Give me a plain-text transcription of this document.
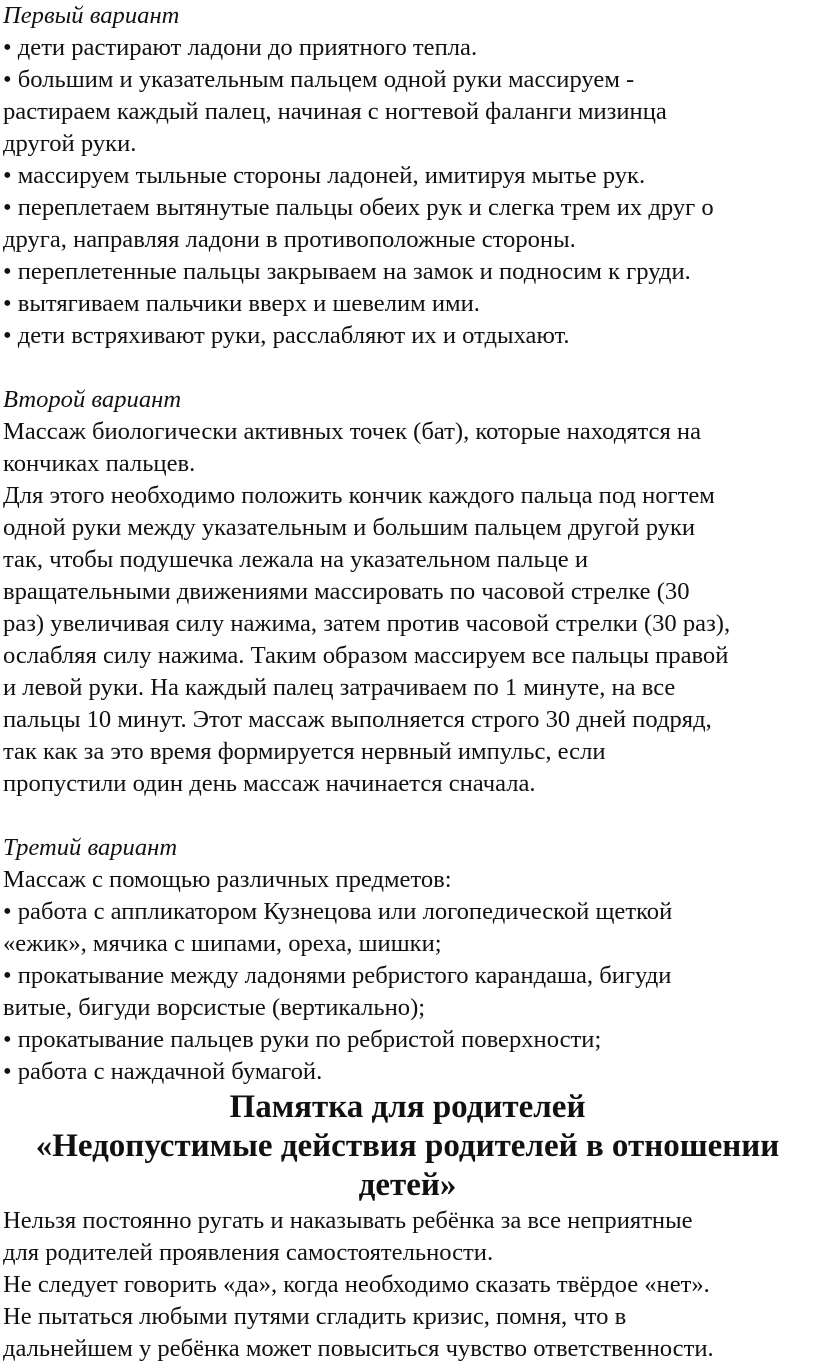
Первый вариант

• дети растирают ладони до приятного тепла.

• большим и указательным пальцем одной руки массируем -

растираем каждый палец, начиная с ногтевой фаланги мизинца

другой руки.

• массируем тыльные стороны ладоней, имитируя мытье рук.

• переплетаем вытянутые пальцы обеих рук и слегка трем их друг о

друга, направляя ладони в противоположные стороны.

• переплетенные пальцы закрываем на замок и подносим к груди.

• вытягиваем пальчики вверх и шевелим ими.

• дети встряхивают руки, расслабляют их и отдыхают.

Второй вариант

Массаж биологически активных точек (бат), которые находятся на

кончиках пальцев.

Для этого необходимо положить кончик каждого пальца под ногтем

одной руки между указательным и большим пальцем другой руки

так, чтобы подушечка лежала на указательном пальце и

вращательными движениями массировать по часовой стрелке (30

раз) увеличивая силу нажима, затем против часовой стрелки (30 раз),

ослабляя силу нажима. Таким образом массируем все пальцы правой

и левой руки. На каждый палец затрачиваем по 1 минуте, на все

пальцы 10 минут. Этот массаж выполняется строго 30 дней подряд,

так как за это время формируется нервный импульс, если

пропустили один день массаж начинается сначала.

Третий вариант

Массаж с помощью различных предметов:

• работа с аппликатором Кузнецова или логопедической щеткой

«ежик», мячика с шипами, ореха, шишки;

• прокатывание между ладонями ребристого карандаша, бигуди

витые, бигуди ворсистые (вертикально);

• прокатывание пальцев руки по ребристой поверхности;

• работа с наждачной бумагой.

Памятка для родителей

«Недопустимые действия родителей в отношении

детей»

Нельзя постоянно ругать и наказывать ребёнка за все неприятные

для родителей проявления самостоятельности.

Не следует говорить «да», когда необходимо сказать твёрдое «нет».

Не пытаться любыми путями сгладить кризис, помня, что в

дальнейшем у ребёнка может повыситься чувство ответственности.
